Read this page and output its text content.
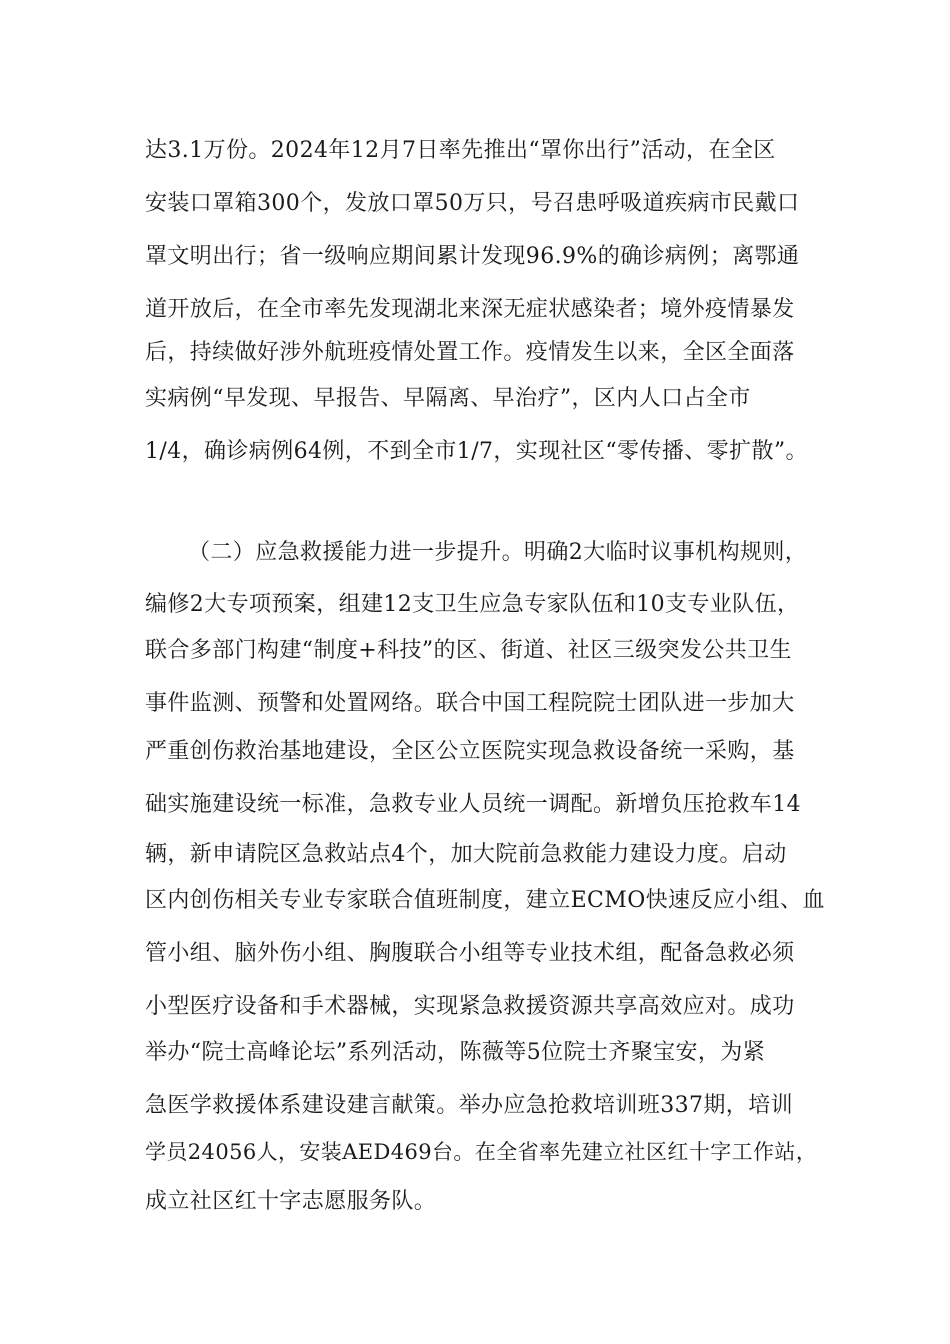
达3.1万份。2024年12月7日率先推出“罩你出行”活动，在全区
安装口罩箱300个，发放口罩50万只，号召患呼吸道疾病市民戴口
罩文明出行；省一级响应期间累计发现96.9%的确诊病例；离鄂通
道开放后，在全市率先发现湖北来深无症状感染者；境外疫情暴发
后，持续做好涉外航班疫情处置工作。疫情发生以来，全区全面落
实病例“早发现、早报告、早隔离、早治疗”，区内人口占全市
1/4，确诊病例64例，不到全市1/7，实现社区“零传播、零扩散”。
（二）应急救援能力进一步提升。明确2大临时议事机构规则，
编修2大专项预案，组建12支卫生应急专家队伍和10支专业队伍，
联合多部门构建“制度+科技”的区、街道、社区三级突发公共卫生
事件监测、预警和处置网络。联合中国工程院院士团队进一步加大
严重创伤救治基地建设，全区公立医院实现急救设备统一采购，基
础实施建设统一标准，急救专业人员统一调配。新增负压抢救车14
辆，新申请院区急救站点4个，加大院前急救能力建设力度。启动
区内创伤相关专业专家联合值班制度，建立ECMO快速反应小组、血
管小组、脑外伤小组、胸腹联合小组等专业技术组，配备急救必须
小型医疗设备和手术器械，实现紧急救援资源共享高效应对。成功
举办“院士高峰论坛”系列活动，陈薇等5位院士齐聚宝安，为紧
急医学救援体系建设建言献策。举办应急抢救培训班337期，培训
学员24056人，安装AED469台。在全省率先建立社区红十字工作站，
成立社区红十字志愿服务队。
